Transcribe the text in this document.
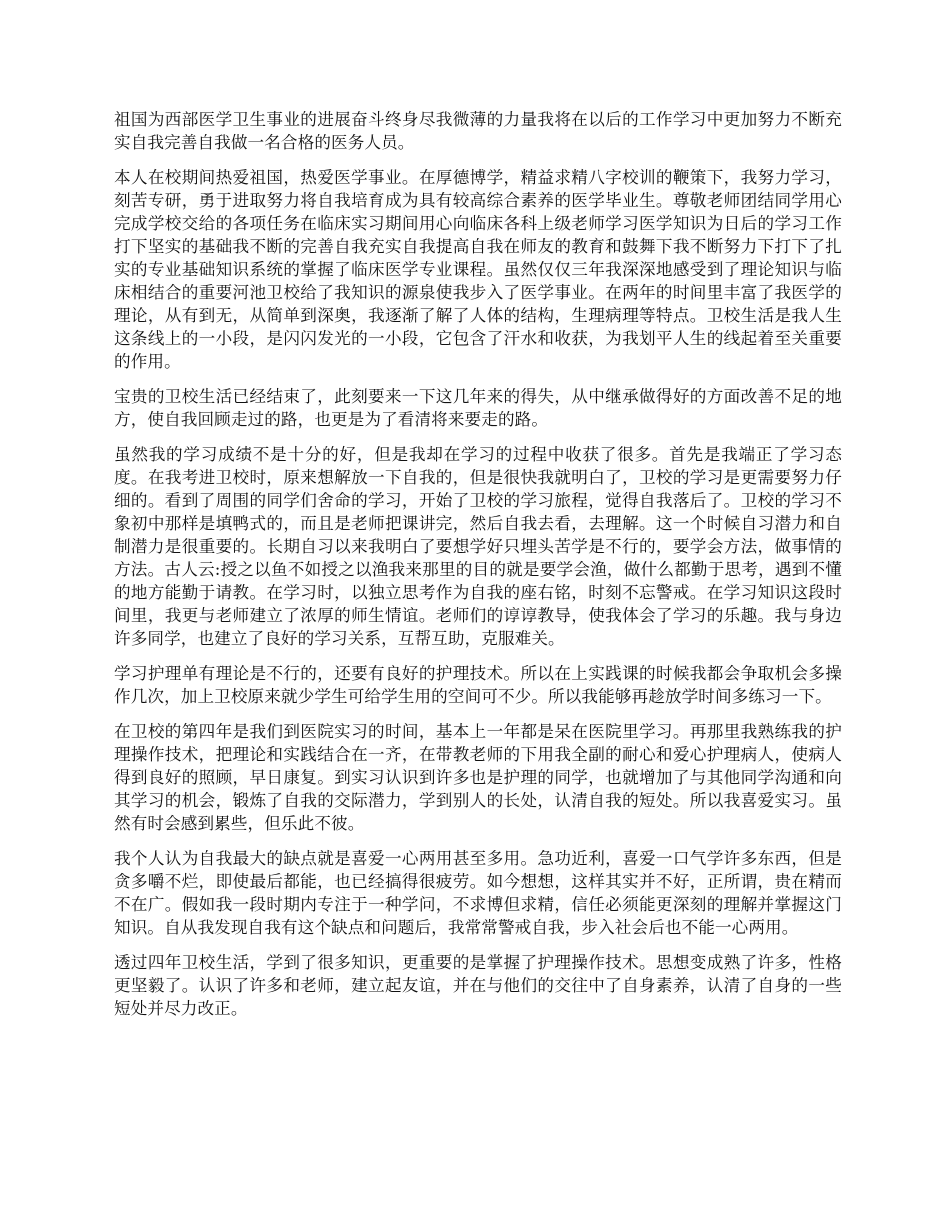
祖国为西部医学卫生事业的进展奋斗终身尽我微薄的力量我将在以后的工作学习中更加努力不断充实自我完善自我做一名合格的医务人员。

本人在校期间热爱祖国，热爱医学事业。在厚德博学，精益求精八字校训的鞭策下，我努力学习，刻苦专研，勇于进取努力将自我培育成为具有较高综合素养的医学毕业生。尊敬老师团结同学用心完成学校交给的各项任务在临床实习期间用心向临床各科上级老师学习医学知识为日后的学习工作打下坚实的基础我不断的完善自我充实自我提高自我在师友的教育和鼓舞下我不断努力下打下了扎实的专业基础知识系统的掌握了临床医学专业课程。虽然仅仅三年我深深地感受到了理论知识与临床相结合的重要河池卫校给了我知识的源泉使我步入了医学事业。在两年的时间里丰富了我医学的理论，从有到无，从简单到深奥，我逐渐了解了人体的结构，生理病理等特点。卫校生活是我人生这条线上的一小段，是闪闪发光的一小段，它包含了汗水和收获，为我划平人生的线起着至关重要的作用。

宝贵的卫校生活已经结束了，此刻要来一下这几年来的得失，从中继承做得好的方面改善不足的地方，使自我回顾走过的路，也更是为了看清将来要走的路。

虽然我的学习成绩不是十分的好，但是我却在学习的过程中收获了很多。首先是我端正了学习态度。在我考进卫校时，原来想解放一下自我的，但是很快我就明白了，卫校的学习是更需要努力仔细的。看到了周围的同学们舍命的学习，开始了卫校的学习旅程，觉得自我落后了。卫校的学习不象初中那样是填鸭式的，而且是老师把课讲完，然后自我去看，去理解。这一个时候自习潜力和自制潜力是很重要的。长期自习以来我明白了要想学好只埋头苦学是不行的，要学会方法，做事情的方法。古人云:授之以鱼不如授之以渔我来那里的目的就是要学会渔，做什么都勤于思考，遇到不懂的地方能勤于请教。在学习时，以独立思考作为自我的座右铭，时刻不忘警戒。在学习知识这段时间里，我更与老师建立了浓厚的师生情谊。老师们的谆谆教导，使我体会了学习的乐趣。我与身边许多同学，也建立了良好的学习关系，互帮互助，克服难关。

学习护理单有理论是不行的，还要有良好的护理技术。所以在上实践课的时候我都会争取机会多操作几次，加上卫校原来就少学生可给学生用的空间可不少。所以我能够再趁放学时间多练习一下。

在卫校的第四年是我们到医院实习的时间，基本上一年都是呆在医院里学习。再那里我熟练我的护理操作技术，把理论和实践结合在一齐，在带教老师的下用我全副的耐心和爱心护理病人，使病人得到良好的照顾，早日康复。到实习认识到许多也是护理的同学，也就增加了与其他同学沟通和向其学习的机会，锻炼了自我的交际潜力，学到别人的长处，认清自我的短处。所以我喜爱实习。虽然有时会感到累些，但乐此不彼。

我个人认为自我最大的缺点就是喜爱一心两用甚至多用。急功近利，喜爱一口气学许多东西，但是贪多嚼不烂，即使最后都能，也已经搞得很疲劳。如今想想，这样其实并不好，正所谓，贵在精而不在广。假如我一段时期内专注于一种学问，不求博但求精，信任必须能更深刻的理解并掌握这门知识。自从我发现自我有这个缺点和问题后，我常常警戒自我，步入社会后也不能一心两用。

透过四年卫校生活，学到了很多知识，更重要的是掌握了护理操作技术。思想变成熟了许多，性格更坚毅了。认识了许多和老师，建立起友谊，并在与他们的交往中了自身素养，认清了自身的一些短处并尽力改正。
